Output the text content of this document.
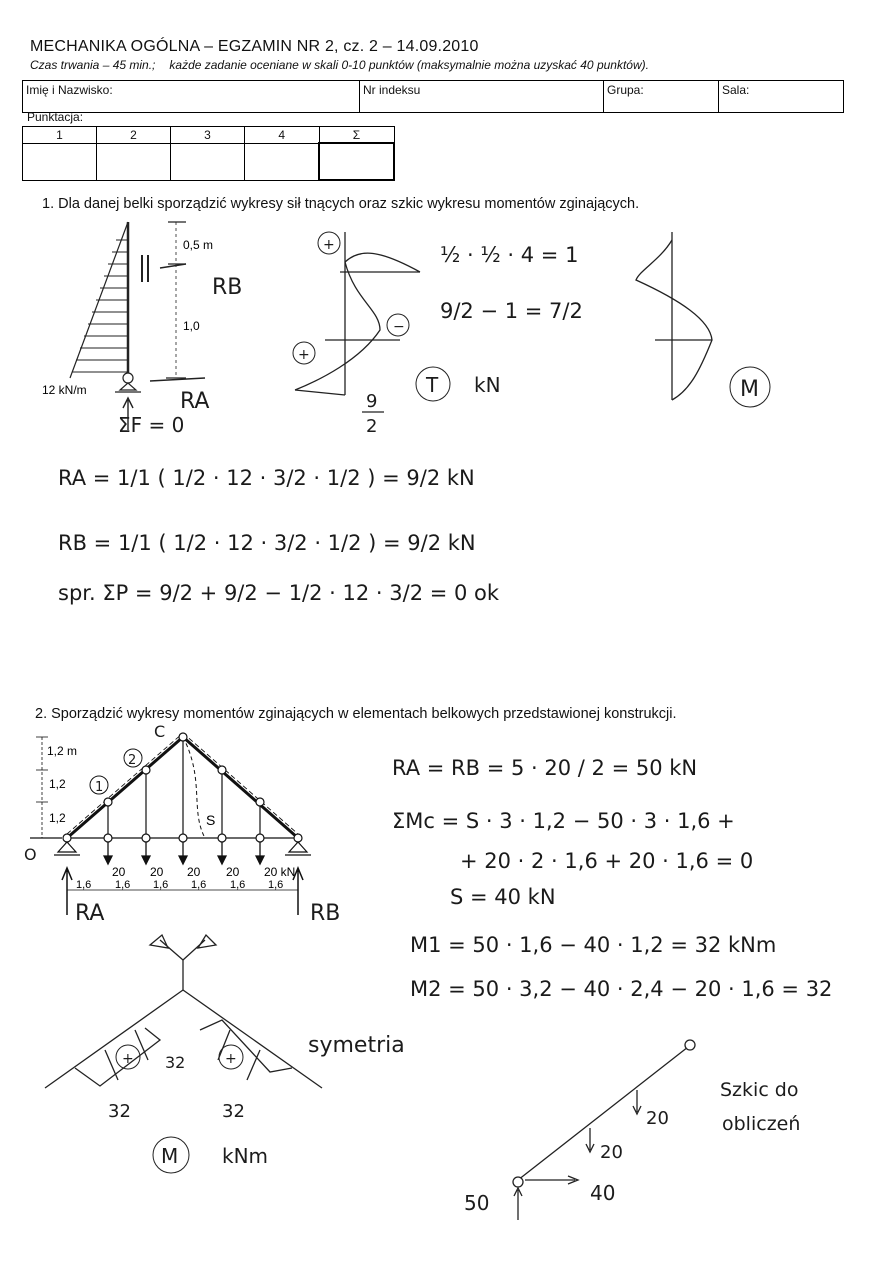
MECHANIKA OGÓLNA – EGZAMIN NR 2, cz. 2 – 14.09.2010
Czas trwania – 45 min.; każde zadanie oceniane w skali 0-10 punktów (maksymalnie można uzyskać 40 punktów).
Imię i Nazwisko:	Nr indeksu	Grupa:	Sala:
Punktacja:
1	2	3	4	Σ

1. Dla danej belki sporządzić wykresy sił tnących oraz szkic wykresu momentów zginających.
0,5 m
1,0
12 kN/m
RB
RA
ΣF = 0
+
+
−
T kN
9
2
½ · ½ · 4 = 1
9/2 − 1 = 7/2
M
RA = 1/1 ( 1/2 · 12 · 3/2 · 1/2 ) = 9/2 kN
RB = 1/1 ( 1/2 · 12 · 3/2 · 1/2 ) = 9/2 kN
spr. ΣP = 9/2 + 9/2 − 1/2 · 12 · 3/2 = 0 ok
2. Sporządzić wykresy momentów zginających w elementach belkowych przedstawionej konstrukcji.
1,2 m
1,2
1,2
C
2
1
S
O
20 20 20 20 20 kN
1,6 1,6 1,6 1,6 1,6 1,6
RA	RB
RA = RB = 5 · 20 / 2 = 50 kN
ΣMc = S · 3 · 1,2 − 50 · 3 · 1,6 +
+ 20 · 2 · 1,6 + 20 · 1,6 = 0
S = 40 kN
M1 = 50 · 1,6 − 40 · 1,2 = 32 kNm
M2 = 50 · 3,2 − 40 · 2,4 − 20 · 1,6 = 32
+	+
32
32	32
M kNm
symetria
20
20
40
50
Szkic do
obliczeń
